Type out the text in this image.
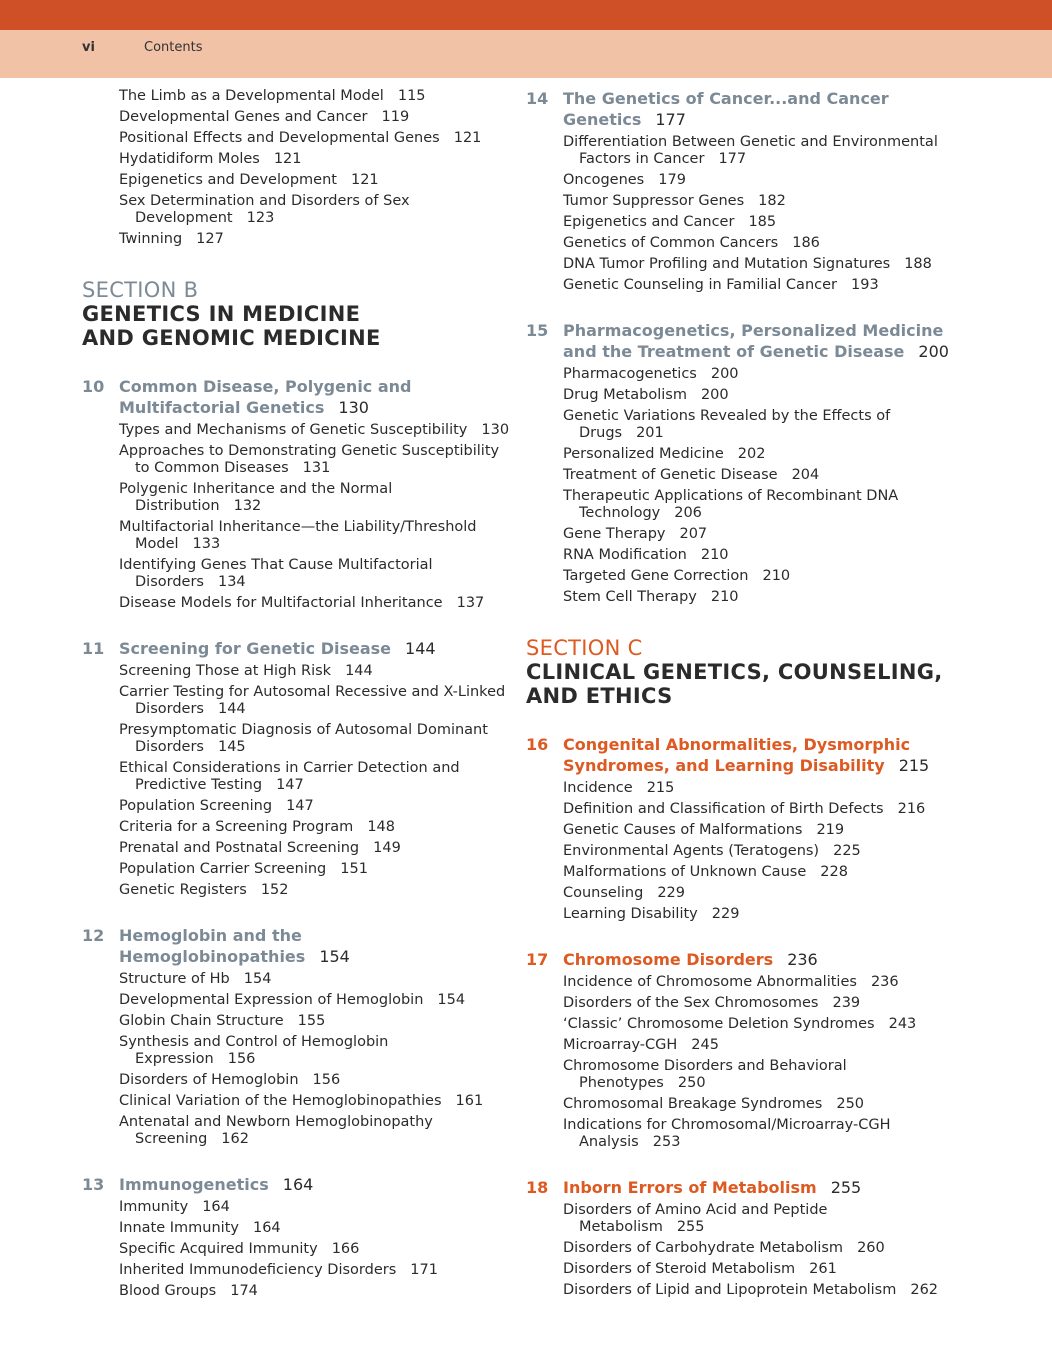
vi	Contents
The Limb as a Developmental Model 115
Developmental Genes and Cancer 119
Positional Effects and Developmental Genes 121
Hydatidiform Moles 121
Epigenetics and Development 121
Sex Determination and Disorders of Sex Development 123
Twinning 127
SECTION B
GENETICS IN MEDICINE
AND GENOMIC MEDICINE
10 Common Disease, Polygenic and Multifactorial Genetics 130
Types and Mechanisms of Genetic Susceptibility 130
Approaches to Demonstrating Genetic Susceptibility to Common Diseases 131
Polygenic Inheritance and the Normal Distribution 132
Multifactorial Inheritance—the Liability/Threshold Model 133
Identifying Genes That Cause Multifactorial Disorders 134
Disease Models for Multifactorial Inheritance 137
11 Screening for Genetic Disease 144
Screening Those at High Risk 144
Carrier Testing for Autosomal Recessive and X-Linked Disorders 144
Presymptomatic Diagnosis of Autosomal Dominant Disorders 145
Ethical Considerations in Carrier Detection and Predictive Testing 147
Population Screening 147
Criteria for a Screening Program 148
Prenatal and Postnatal Screening 149
Population Carrier Screening 151
Genetic Registers 152
12 Hemoglobin and the Hemoglobinopathies 154
Structure of Hb 154
Developmental Expression of Hemoglobin 154
Globin Chain Structure 155
Synthesis and Control of Hemoglobin Expression 156
Disorders of Hemoglobin 156
Clinical Variation of the Hemoglobinopathies 161
Antenatal and Newborn Hemoglobinopathy Screening 162
13 Immunogenetics 164
Immunity 164
Innate Immunity 164
Specific Acquired Immunity 166
Inherited Immunodeficiency Disorders 171
Blood Groups 174
14 The Genetics of Cancer...and Cancer Genetics 177
Differentiation Between Genetic and Environmental Factors in Cancer 177
Oncogenes 179
Tumor Suppressor Genes 182
Epigenetics and Cancer 185
Genetics of Common Cancers 186
DNA Tumor Profiling and Mutation Signatures 188
Genetic Counseling in Familial Cancer 193
15 Pharmacogenetics, Personalized Medicine and the Treatment of Genetic Disease 200
Pharmacogenetics 200
Drug Metabolism 200
Genetic Variations Revealed by the Effects of Drugs 201
Personalized Medicine 202
Treatment of Genetic Disease 204
Therapeutic Applications of Recombinant DNA Technology 206
Gene Therapy 207
RNA Modification 210
Targeted Gene Correction 210
Stem Cell Therapy 210
SECTION C
CLINICAL GENETICS, COUNSELING,
AND ETHICS
16 Congenital Abnormalities, Dysmorphic Syndromes, and Learning Disability 215
Incidence 215
Definition and Classification of Birth Defects 216
Genetic Causes of Malformations 219
Environmental Agents (Teratogens) 225
Malformations of Unknown Cause 228
Counseling 229
Learning Disability 229
17 Chromosome Disorders 236
Incidence of Chromosome Abnormalities 236
Disorders of the Sex Chromosomes 239
‘Classic’ Chromosome Deletion Syndromes 243
Microarray-CGH 245
Chromosome Disorders and Behavioral Phenotypes 250
Chromosomal Breakage Syndromes 250
Indications for Chromosomal/Microarray-CGH Analysis 253
18 Inborn Errors of Metabolism 255
Disorders of Amino Acid and Peptide Metabolism 255
Disorders of Carbohydrate Metabolism 260
Disorders of Steroid Metabolism 261
Disorders of Lipid and Lipoprotein Metabolism 262
